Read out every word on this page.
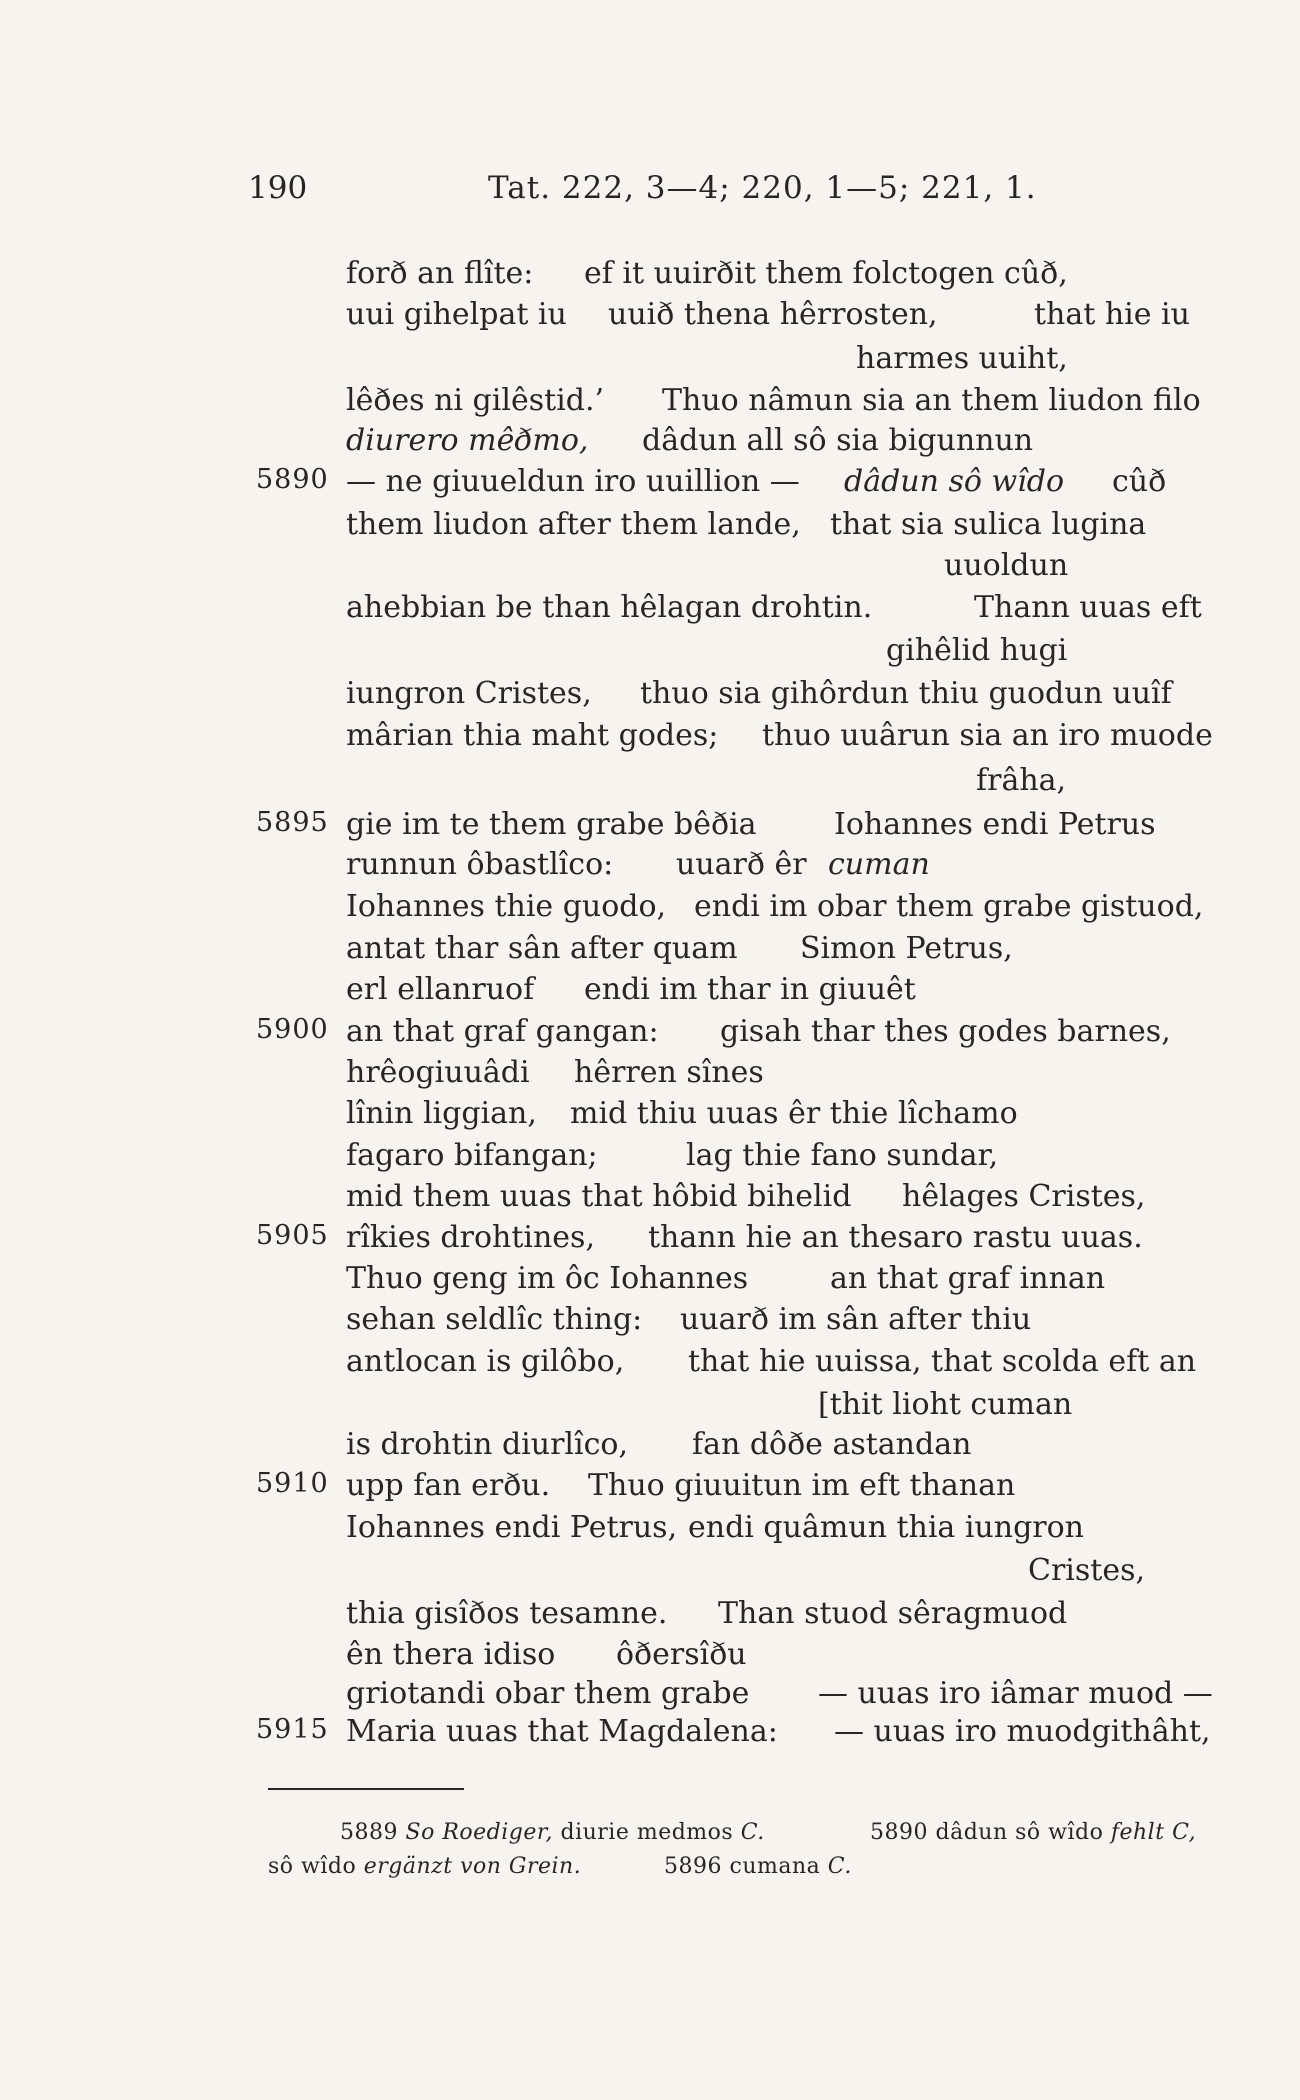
190	Tat. 222, 3—4; 220, 1—5; 221, 1.
5890
5895
5900
5905
5910
5915
forð an flîte: ef it uuirðit them folctogen cûð,
uui gihelpat iu uuið thena hêrrosten,	that hie iu
harmes uuiht,
lêðes ni gilêstid.’ Thuo nâmun sia an them liudon filo
diurero mêðmo, dâdun all sô sia bigunnun
— ne giuueldun iro uuillion — dâdun sô wîdo cûð
them liudon after them lande, that sia sulica lugina
uuoldun
ahebbian be than hêlagan drohtin.	Thann uuas eft
gihêlid hugi
iungron Cristes, thuo sia gihôrdun thiu guodun uuîf
mârian thia maht godes; thuo uuârun sia an iro muode
frâha,
gie im te them grabe bêðia	Iohannes endi Petrus
runnun ôbastlîco: uuarð êr cuman
Iohannes thie guodo, endi im obar them grabe gistuod,
antat thar sân after quam Simon Petrus,
erl ellanruof endi im thar in giuuêt
an that graf gangan: gisah thar thes godes barnes,
hrêogiuuâdi hêrren sînes
lînin liggian, mid thiu uuas êr thie lîchamo
fagaro bifangan;	lag thie fano sundar,
mid them uuas that hôbid bihelid hêlages Cristes,
rîkies drohtines, thann hie an thesaro rastu uuas.
Thuo geng im ôc Iohannes	an that graf innan
sehan seldlîc thing: uuarð im sân after thiu
antlocan is gilôbo, that hie uuissa, that scolda eft an
[thit lioht cuman
is drohtin diurlîco, fan dôðe astandan
upp fan erðu. Thuo giuuitun im eft thanan
Iohannes endi Petrus, endi quâmun thia iungron
Cristes,
thia gisîðos tesamne. Than stuod sêragmuod
ên thera idiso ôðersîðu
griotandi obar them grabe — uuas iro iâmar muod —
Maria uuas that Magdalena: — uuas iro muodgithâht,
5889 So Roediger, diurie medmos C.	5890 dâdun sô wîdo fehlt C,
sô wîdo ergänzt von Grein.	5896 cumana C.
